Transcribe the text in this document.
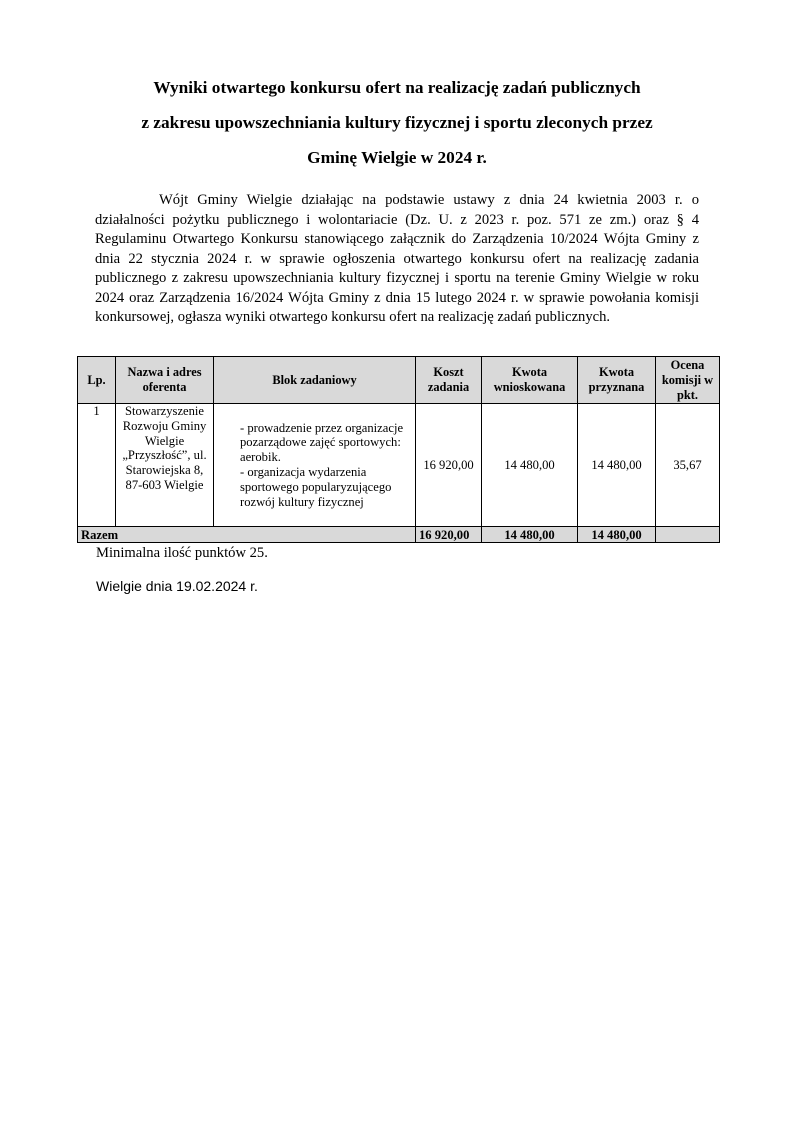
Wyniki otwartego konkursu ofert na realizację zadań publicznych
z zakresu upowszechniania kultury fizycznej i sportu zleconych przez
Gminę Wielgie w 2024 r.

Wójt Gminy Wielgie działając na podstawie ustawy z dnia 24 kwietnia 2003 r. o działalności pożytku publicznego i wolontariacie (Dz. U. z 2023 r. poz. 571 ze zm.) oraz § 4 Regulaminu Otwartego Konkursu stanowiącego załącznik do Zarządzenia 10/2024 Wójta Gminy z dnia 22 stycznia 2024 r. w sprawie ogłoszenia otwartego konkursu ofert na realizację zadania publicznego z zakresu upowszechniania kultury fizycznej i sportu na terenie Gminy Wielgie w roku 2024 oraz Zarządzenia 16/2024 Wójta Gminy z dnia 15 lutego 2024 r. w sprawie powołania komisji konkursowej, ogłasza wyniki otwartego konkursu ofert na realizację zadań publicznych.

Lp.	Nazwa i adres oferenta	Blok zadaniowy	Koszt zadania	Kwota wnioskowana	Kwota przyznana	Ocena komisji w pkt.
1	Stowarzyszenie Rozwoju Gminy Wielgie „Przyszłość”, ul. Starowiejska 8, 87-603 Wielgie	- prowadzenie przez organizacje pozarządowe zajęć sportowych: aerobik.
- organizacja wydarzenia sportowego popularyzującego rozwój kultury fizycznej	16 920,00	14 480,00	14 480,00	35,67
Razem			16 920,00	14 480,00	14 480,00	
Minimalna ilość punktów 25.
Wielgie dnia 19.02.2024 r.
